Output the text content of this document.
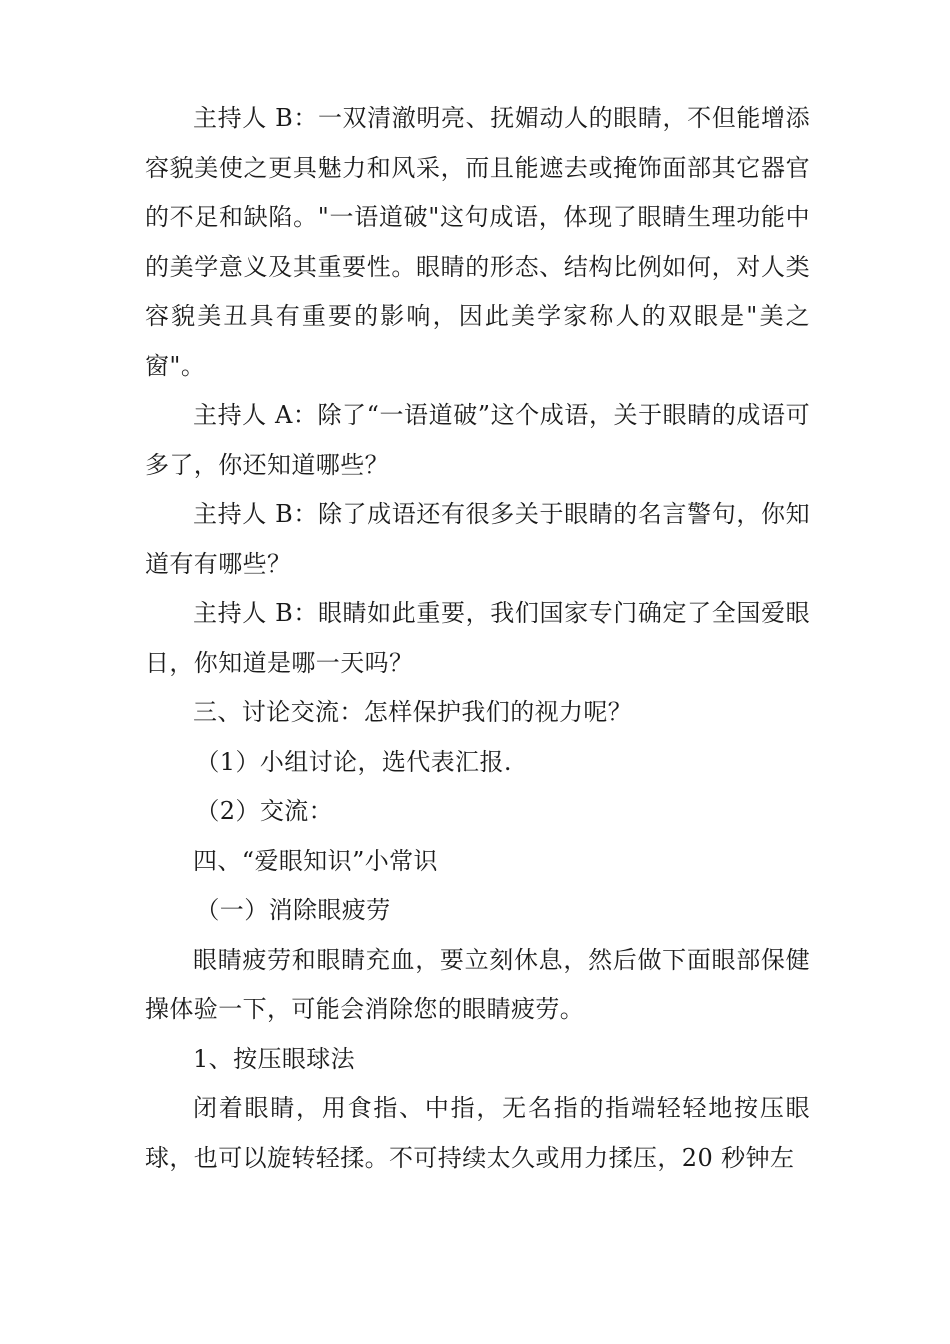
主持人 B：一双清澈明亮、抚媚动人的眼睛，不但能增添容貌美使之更具魅力和风采，而且能遮去或掩饰面部其它器官的不足和缺陷。"一语道破"这句成语，体现了眼睛生理功能中的美学意义及其重要性。眼睛的形态、结构比例如何，对人类容貌美丑具有重要的影响，因此美学家称人的双眼是"美之窗"。

主持人 A：除了“一语道破”这个成语，关于眼睛的成语可多了，你还知道哪些？

主持人 B：除了成语还有很多关于眼睛的名言警句，你知道有有哪些？

主持人 B：眼睛如此重要，我们国家专门确定了全国爱眼日，你知道是哪一天吗？

三、讨论交流：怎样保护我们的视力呢？

（1）小组讨论，选代表汇报.

（2）交流：

四、“爱眼知识”小常识

（一）消除眼疲劳

眼睛疲劳和眼睛充血，要立刻休息，然后做下面眼部保健操体验一下，可能会消除您的眼睛疲劳。

1、按压眼球法

闭着眼睛，用食指、中指，无名指的指端轻轻地按压眼球，也可以旋转轻揉。不可持续太久或用力揉压，20 秒钟左
